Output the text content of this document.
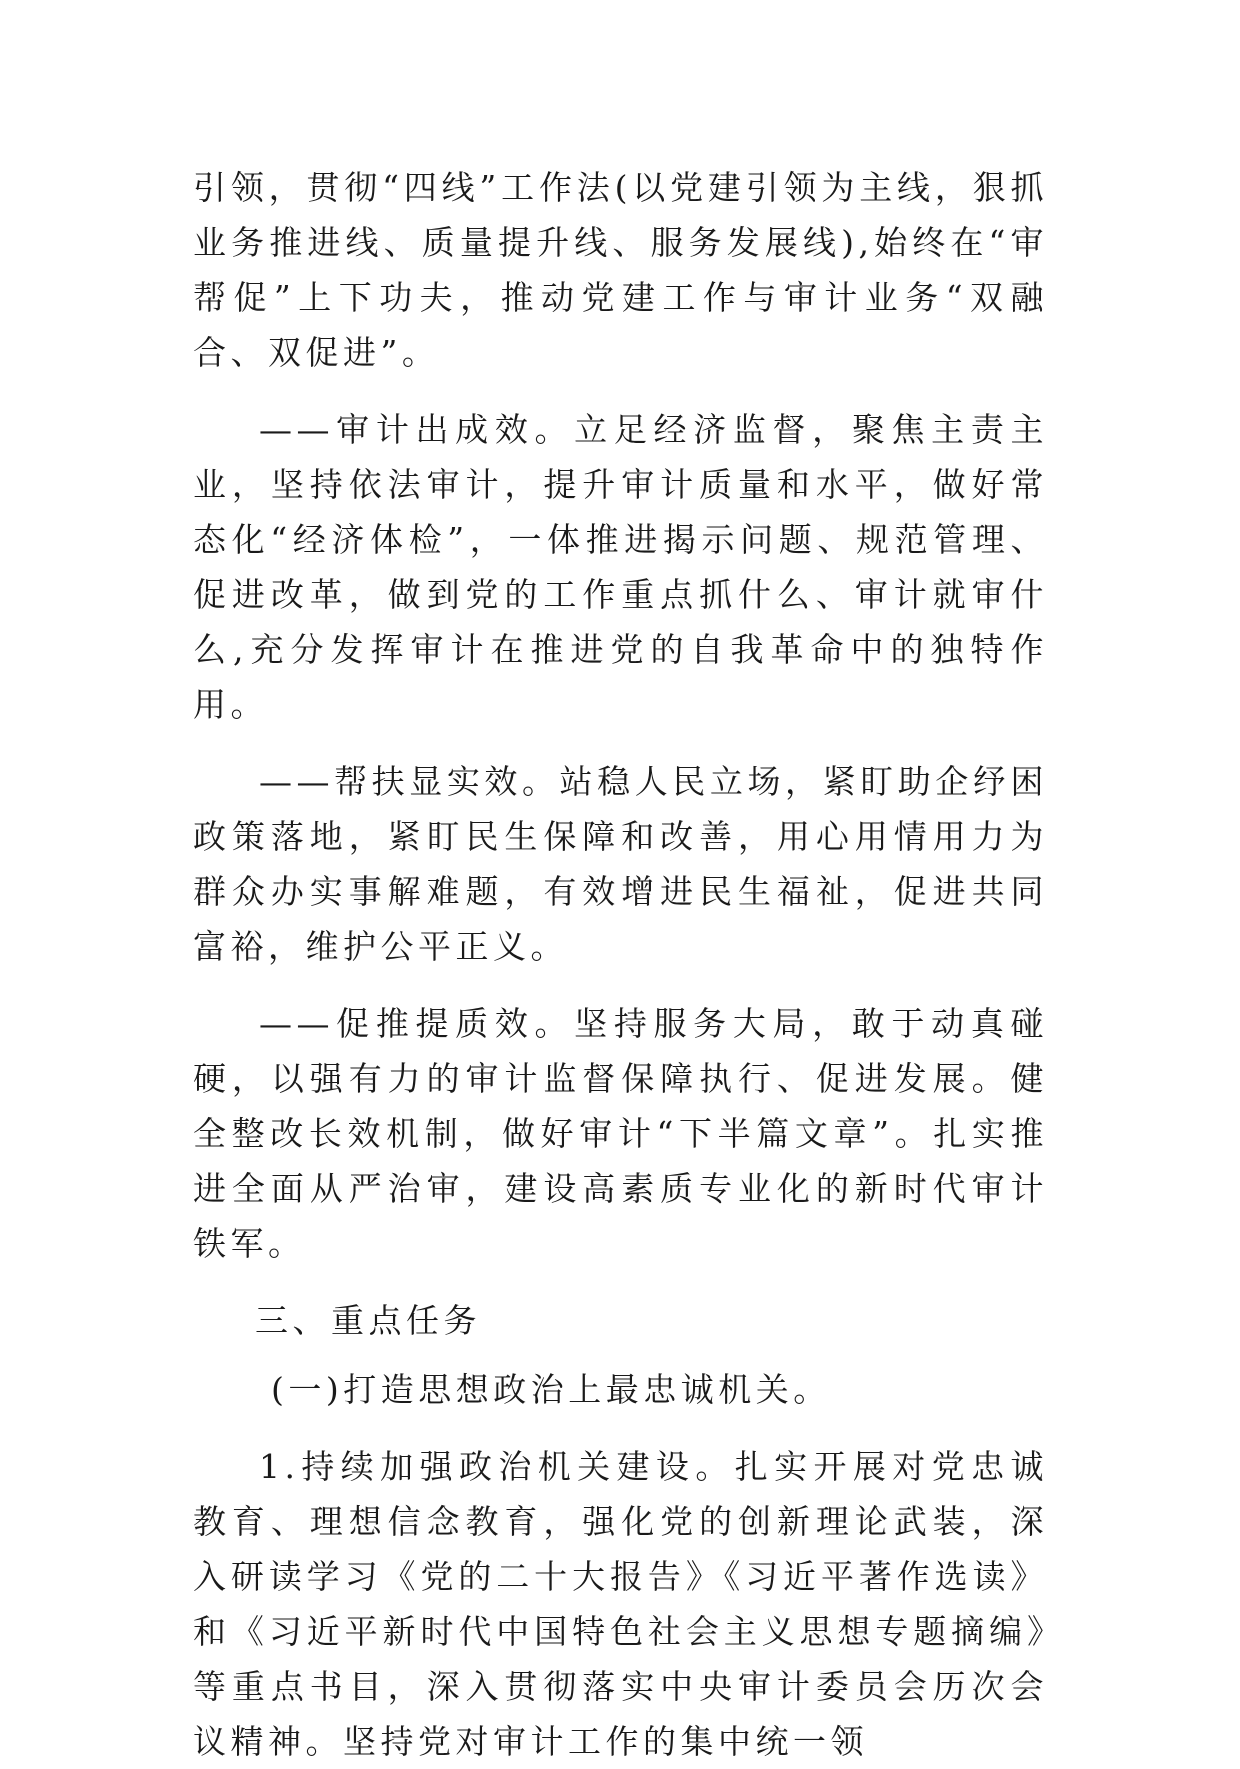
引领，贯彻“四线”工作法(以党建引领为主线，狠抓业务推进线、质量提升线、服务发展线),始终在“审帮促”上下功夫，推动党建工作与审计业务“双融合、双促进”。

——审计出成效。立足经济监督，聚焦主责主业，坚持依法审计，提升审计质量和水平，做好常态化“经济体检”，一体推进揭示问题、规范管理、促进改革，做到党的工作重点抓什么、审计就审什么,充分发挥审计在推进党的自我革命中的独特作用。

——帮扶显实效。站稳人民立场，紧盯助企纾困政策落地，紧盯民生保障和改善，用心用情用力为群众办实事解难题，有效增进民生福祉，促进共同富裕，维护公平正义。

——促推提质效。坚持服务大局，敢于动真碰硬，以强有力的审计监督保障执行、促进发展。健全整改长效机制，做好审计“下半篇文章”。扎实推进全面从严治审，建设高素质专业化的新时代审计铁军。

三、重点任务

(一)打造思想政治上最忠诚机关。

1.持续加强政治机关建设。扎实开展对党忠诚教育、理想信念教育，强化党的创新理论武装，深入研读学习《党的二十大报告》《习近平著作选读》和《习近平新时代中国特色社会主义思想专题摘编》等重点书目，深入贯彻落实中央审计委员会历次会议精神。坚持党对审计工作的集中统一领
